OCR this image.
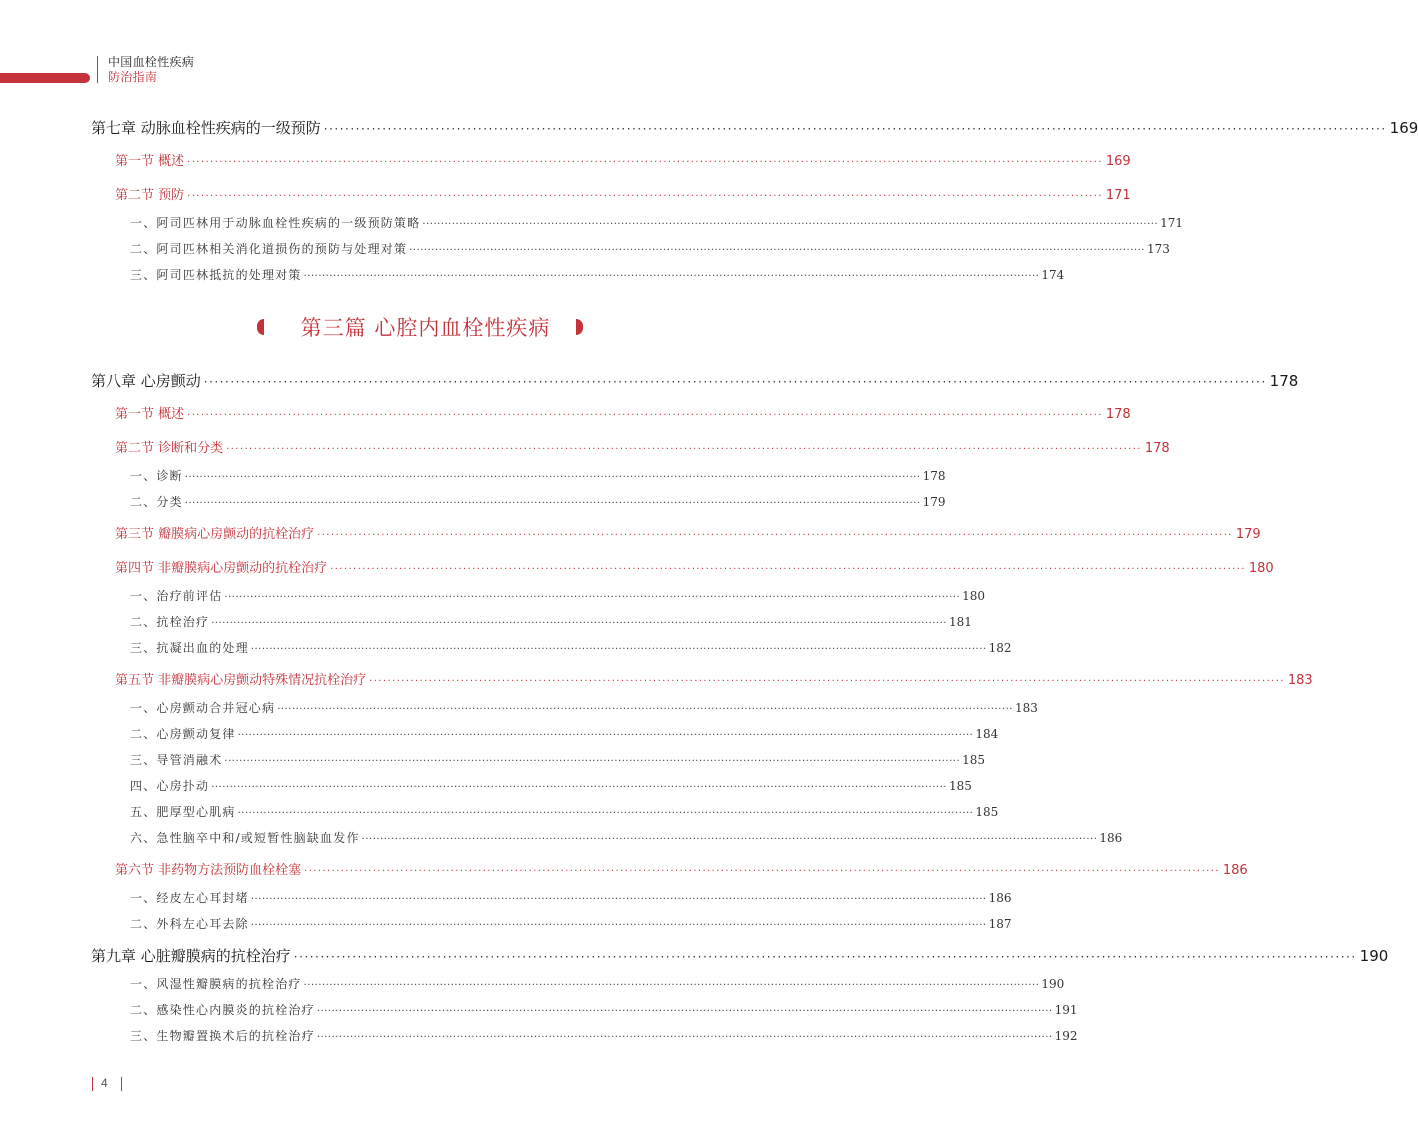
中国血栓性疾病
防治指南
第七章 动脉血栓性疾病的一级预防 ········································································································································································································ 169
第一节 概述 ········································································································································································································ 169
第二节 预防 ········································································································································································································ 171
一、阿司匹林用于动脉血栓性疾病的一级预防策略 ········································································································································································································ 171
二、阿司匹林相关消化道损伤的预防与处理对策 ········································································································································································································ 173
三、阿司匹林抵抗的处理对策 ········································································································································································································ 174
第三篇 心腔内血栓性疾病
第八章 心房颤动 ········································································································································································································ 178
第一节 概述 ········································································································································································································ 178
第二节 诊断和分类 ········································································································································································································ 178
一、诊断 ········································································································································································································ 178
二、分类 ········································································································································································································ 179
第三节 瓣膜病心房颤动的抗栓治疗 ········································································································································································································ 179
第四节 非瓣膜病心房颤动的抗栓治疗 ········································································································································································································ 180
一、治疗前评估 ········································································································································································································ 180
二、抗栓治疗 ········································································································································································································ 181
三、抗凝出血的处理 ········································································································································································································ 182
第五节 非瓣膜病心房颤动特殊情况抗栓治疗 ········································································································································································································ 183
一、心房颤动合并冠心病 ········································································································································································································ 183
二、心房颤动复律 ········································································································································································································ 184
三、导管消融术 ········································································································································································································ 185
四、心房扑动 ········································································································································································································ 185
五、肥厚型心肌病 ········································································································································································································ 185
六、急性脑卒中和/或短暂性脑缺血发作 ········································································································································································································ 186
第六节 非药物方法预防血栓栓塞 ········································································································································································································ 186
一、经皮左心耳封堵 ········································································································································································································ 186
二、外科左心耳去除 ········································································································································································································ 187
第九章 心脏瓣膜病的抗栓治疗 ········································································································································································································ 190
一、风湿性瓣膜病的抗栓治疗 ········································································································································································································ 190
二、感染性心内膜炎的抗栓治疗 ········································································································································································································ 191
三、生物瓣置换术后的抗栓治疗 ········································································································································································································ 192
4
